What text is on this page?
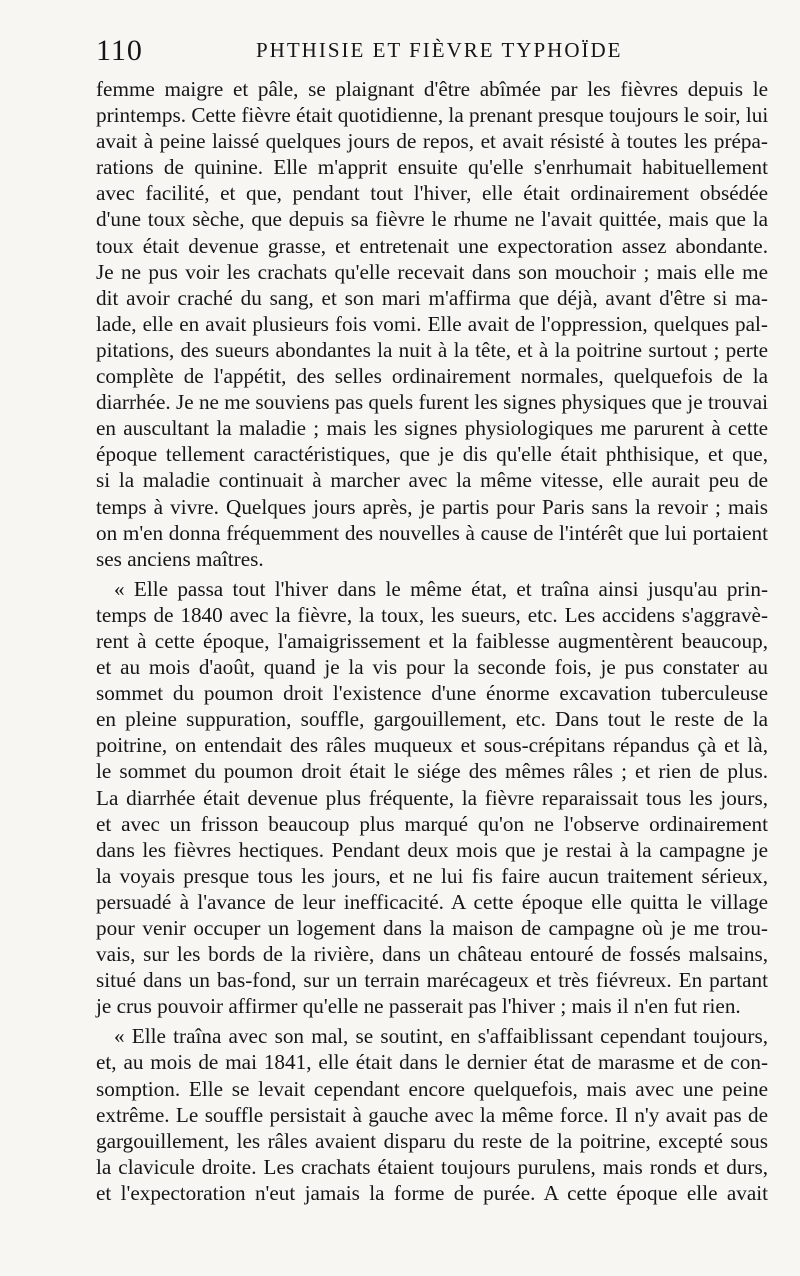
110	PHTHISIE ET FIÈVRE TYPHOÏDE
femme maigre et pâle, se plaignant d'être abîmée par les fièvres depuis le
printemps. Cette fièvre était quotidienne, la prenant presque toujours le soir, lui
avait à peine laissé quelques jours de repos, et avait résisté à toutes les prépa-
rations de quinine. Elle m'apprit ensuite qu'elle s'enrhumait habituellement
avec facilité, et que, pendant tout l'hiver, elle était ordinairement obsédée
d'une toux sèche, que depuis sa fièvre le rhume ne l'avait quittée, mais que la
toux était devenue grasse, et entretenait une expectoration assez abondante.
Je ne pus voir les crachats qu'elle recevait dans son mouchoir ; mais elle me
dit avoir craché du sang, et son mari m'affirma que déjà, avant d'être si ma-
lade, elle en avait plusieurs fois vomi. Elle avait de l'oppression, quelques pal-
pitations, des sueurs abondantes la nuit à la tête, et à la poitrine surtout ; perte
complète de l'appétit, des selles ordinairement normales, quelquefois de la
diarrhée. Je ne me souviens pas quels furent les signes physiques que je trouvai
en auscultant la maladie ; mais les signes physiologiques me parurent à cette
époque tellement caractéristiques, que je dis qu'elle était phthisique, et que,
si la maladie continuait à marcher avec la même vitesse, elle aurait peu de
temps à vivre. Quelques jours après, je partis pour Paris sans la revoir ; mais
on m'en donna fréquemment des nouvelles à cause de l'intérêt que lui portaient
ses anciens maîtres.
« Elle passa tout l'hiver dans le même état, et traîna ainsi jusqu'au prin-
temps de 1840 avec la fièvre, la toux, les sueurs, etc. Les accidens s'aggravè-
rent à cette époque, l'amaigrissement et la faiblesse augmentèrent beaucoup,
et au mois d'août, quand je la vis pour la seconde fois, je pus constater au
sommet du poumon droit l'existence d'une énorme excavation tuberculeuse
en pleine suppuration, souffle, gargouillement, etc. Dans tout le reste de la
poitrine, on entendait des râles muqueux et sous-crépitans répandus çà et là,
le sommet du poumon droit était le siége des mêmes râles ; et rien de plus.
La diarrhée était devenue plus fréquente, la fièvre reparaissait tous les jours,
et avec un frisson beaucoup plus marqué qu'on ne l'observe ordinairement
dans les fièvres hectiques. Pendant deux mois que je restai à la campagne je
la voyais presque tous les jours, et ne lui fis faire aucun traitement sérieux,
persuadé à l'avance de leur inefficacité. A cette époque elle quitta le village
pour venir occuper un logement dans la maison de campagne où je me trou-
vais, sur les bords de la rivière, dans un château entouré de fossés malsains,
situé dans un bas-fond, sur un terrain marécageux et très fiévreux. En partant
je crus pouvoir affirmer qu'elle ne passerait pas l'hiver ; mais il n'en fut rien.
« Elle traîna avec son mal, se soutint, en s'affaiblissant cependant toujours,
et, au mois de mai 1841, elle était dans le dernier état de marasme et de con-
somption. Elle se levait cependant encore quelquefois, mais avec une peine
extrême. Le souffle persistait à gauche avec la même force. Il n'y avait pas de
gargouillement, les râles avaient disparu du reste de la poitrine, excepté sous
la clavicule droite. Les crachats étaient toujours purulens, mais ronds et durs,
et l'expectoration n'eut jamais la forme de purée. A cette époque elle avait
